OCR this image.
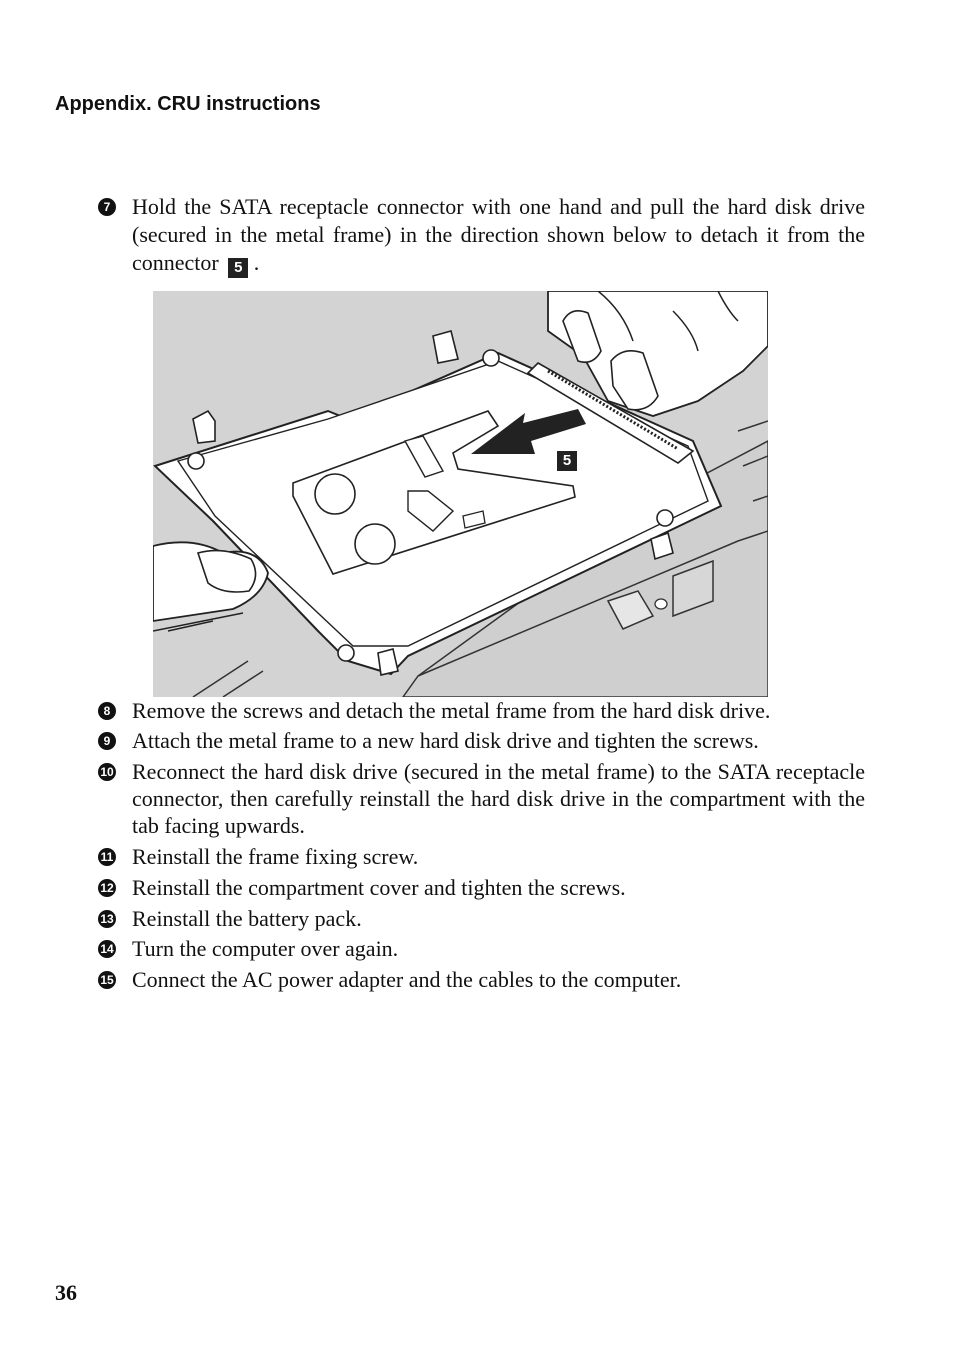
Appendix. CRU instructions
7 Hold the SATA receptacle connector with one hand and pull the hard disk drive (secured in the metal frame) in the direction shown below to detach it from the connector 5 .
5
8 Remove the screws and detach the metal frame from the hard disk drive.
9 Attach the metal frame to a new hard disk drive and tighten the screws.
10 Reconnect the hard disk drive (secured in the metal frame) to the SATA receptacle connector, then carefully reinstall the hard disk drive in the compartment with the tab facing upwards.
11 Reinstall the frame fixing screw.
12 Reinstall the compartment cover and tighten the screws.
13 Reinstall the battery pack.
14 Turn the computer over again.
15 Connect the AC power adapter and the cables to the computer.
36
